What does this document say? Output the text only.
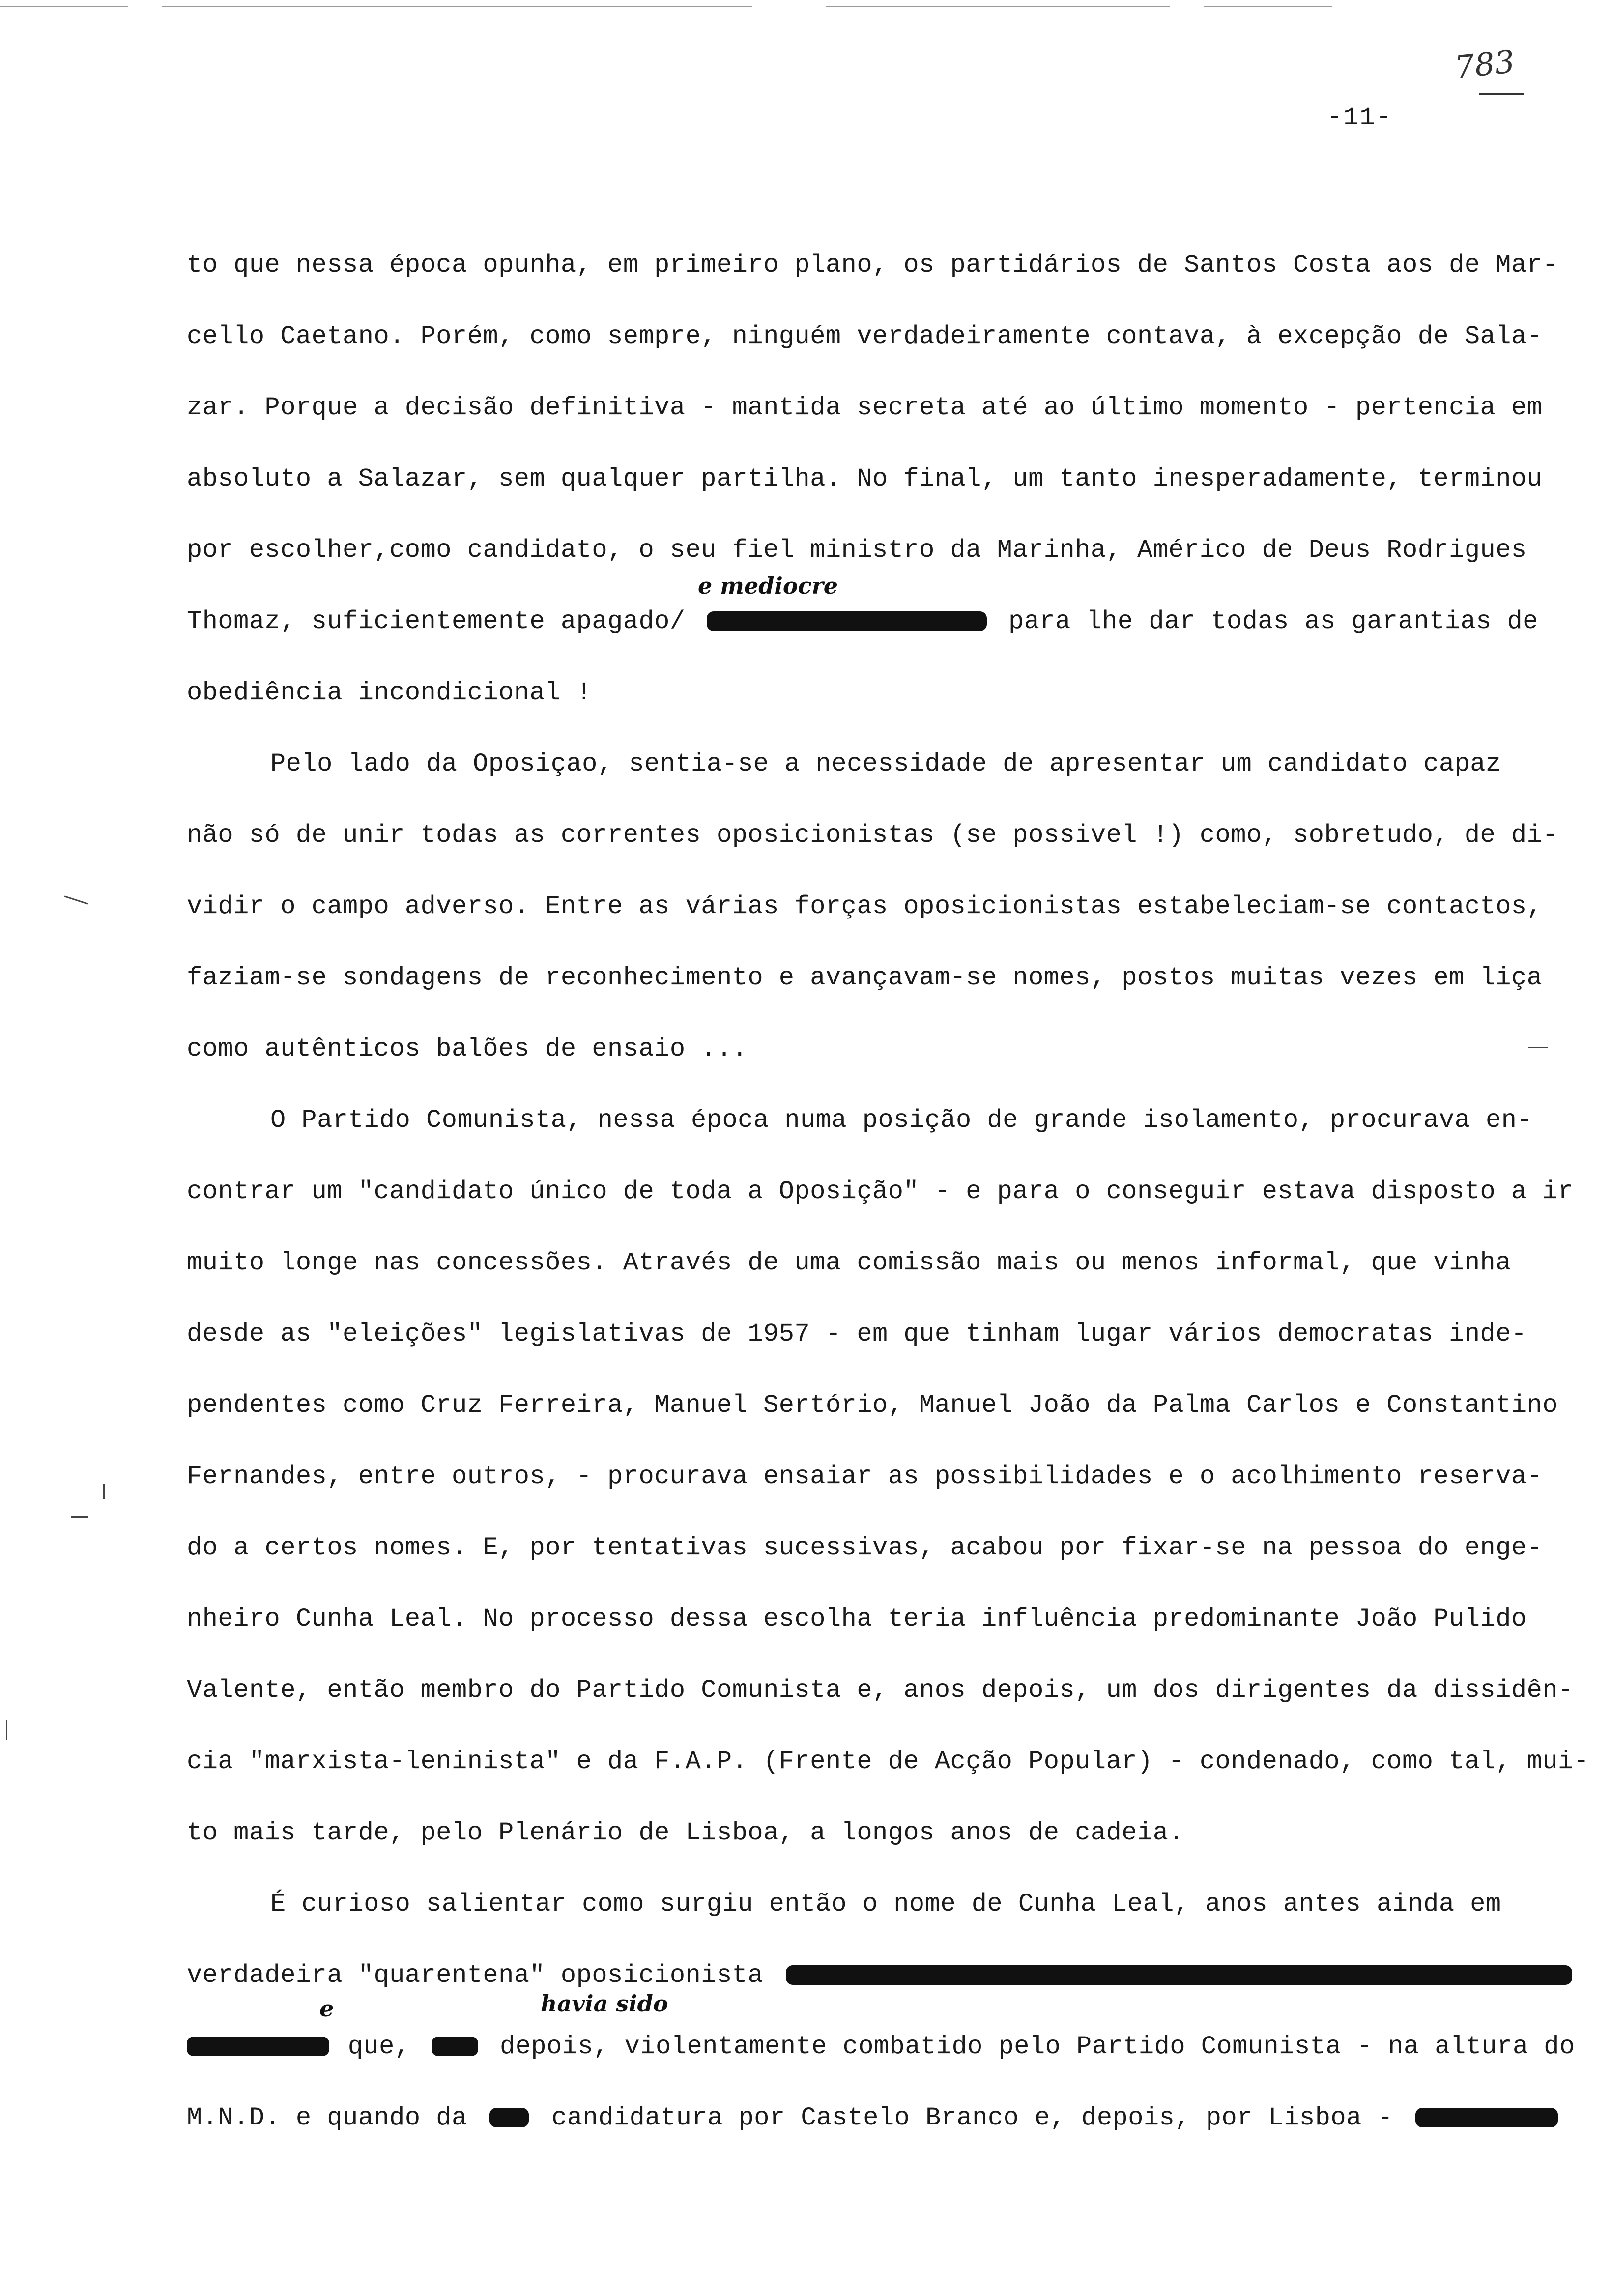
783
-11-
to que nessa época opunha, em primeiro plano, os partidários de Santos Costa aos de Mar-
cello Caetano. Porém, como sempre, ninguém verdadeiramente contava, à excepção de Sala-
zar. Porque a decisão definitiva - mantida secreta até ao último momento - pertencia em
absoluto a Salazar, sem qualquer partilha. No final, um tanto inesperadamente, terminou
por escolher,como candidato, o seu fiel ministro da Marinha, Américo de Deus Rodrigues
e mediocre
Thomaz, suficientemente apagado/	para lhe dar todas as garantias de
obediência incondicional !
Pelo lado da Oposiçao, sentia-se a necessidade de apresentar um candidato capaz
não só de unir todas as correntes oposicionistas (se possivel !) como, sobretudo, de di-
vidir o campo adverso. Entre as várias forças oposicionistas estabeleciam-se contactos,
faziam-se sondagens de reconhecimento e avançavam-se nomes, postos muitas vezes em liça
como autênticos balões de ensaio ...
O Partido Comunista, nessa época numa posição de grande isolamento, procurava en-
contrar um "candidato único de toda a Oposição" - e para o conseguir estava disposto a ir
muito longe nas concessões. Através de uma comissão mais ou menos informal, que vinha
desde as "eleições" legislativas de 1957 - em que tinham lugar vários democratas inde-
pendentes como Cruz Ferreira, Manuel Sertório, Manuel João da Palma Carlos e Constantino
Fernandes, entre outros, - procurava ensaiar as possibilidades e o acolhimento reserva-
do a certos nomes. E, por tentativas sucessivas, acabou por fixar-se na pessoa do enge-
nheiro Cunha Leal. No processo dessa escolha teria influência predominante João Pulido
Valente, então membro do Partido Comunista e, anos depois, um dos dirigentes da dissidên-
cia "marxista-leninista" e da F.A.P. (Frente de Acção Popular) - condenado, como tal, mui-
to mais tarde, pelo Plenário de Lisboa, a longos anos de cadeia.
É curioso salientar como surgiu então o nome de Cunha Leal, anos antes ainda em
verdadeira "quarentena" oposicionista
e	havia sido
que,	depois, violentamente combatido pelo Partido Comunista - na altura do
M.N.D. e quando da	candidatura por Castelo Branco e, depois, por Lisboa -
